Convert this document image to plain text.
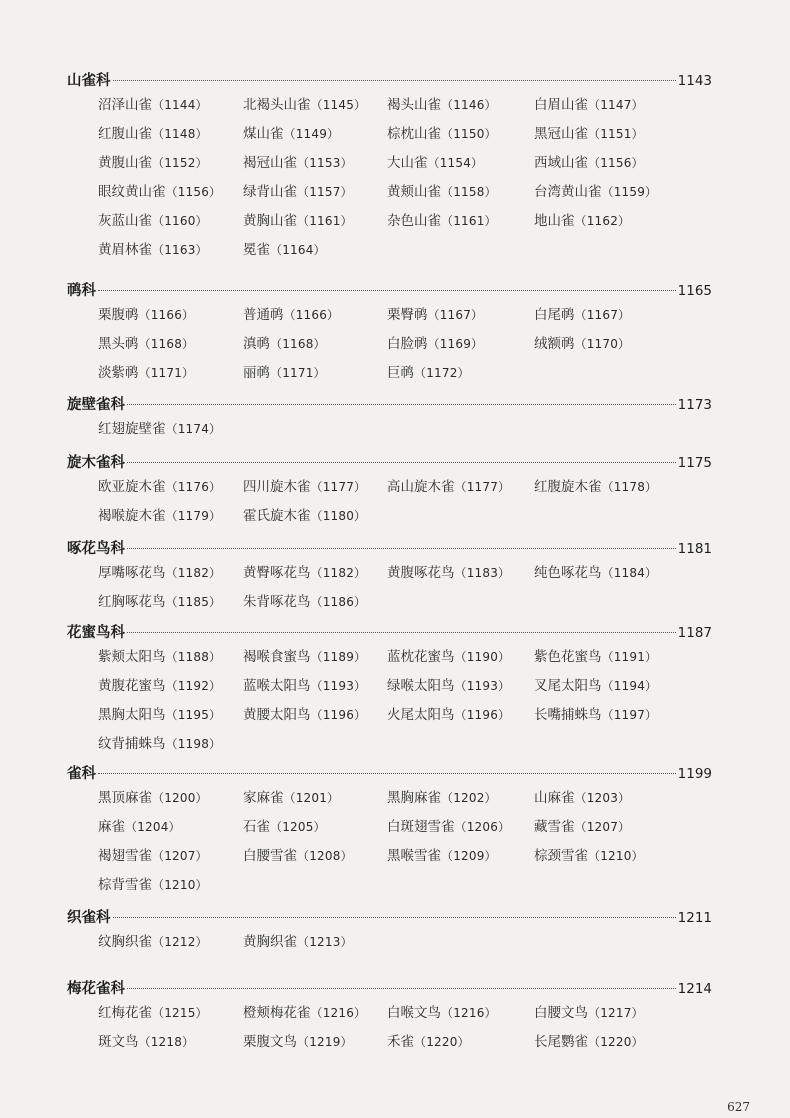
山雀科	1143
沼泽山雀（1144）	北褐头山雀（1145）	褐头山雀（1146）	白眉山雀（1147）
红腹山雀（1148）	煤山雀（1149）	棕枕山雀（1150）	黑冠山雀（1151）
黄腹山雀（1152）	褐冠山雀（1153）	大山雀（1154）	西域山雀（1156）
眼纹黄山雀（1156）	绿背山雀（1157）	黄颊山雀（1158）	台湾黄山雀（1159）
灰蓝山雀（1160）	黄胸山雀（1161）	杂色山雀（1161）	地山雀（1162）
黄眉林雀（1163）	冕雀（1164）
䴓科	1165
栗腹䴓（1166）	普通䴓（1166）	栗臀䴓（1167）	白尾䴓（1167）
黑头䴓（1168）	滇䴓（1168）	白脸䴓（1169）	绒额䴓（1170）
淡紫䴓（1171）	丽䴓（1171）	巨䴓（1172）
旋壁雀科	1173
红翅旋壁雀（1174）
旋木雀科	1175
欧亚旋木雀（1176）	四川旋木雀（1177）	高山旋木雀（1177）	红腹旋木雀（1178）
褐喉旋木雀（1179）	霍氏旋木雀（1180）
啄花鸟科	1181
厚嘴啄花鸟（1182）	黄臀啄花鸟（1182）	黄腹啄花鸟（1183）	纯色啄花鸟（1184）
红胸啄花鸟（1185）	朱背啄花鸟（1186）
花蜜鸟科	1187
紫颊太阳鸟（1188）	褐喉食蜜鸟（1189）	蓝枕花蜜鸟（1190）	紫色花蜜鸟（1191）
黄腹花蜜鸟（1192）	蓝喉太阳鸟（1193）	绿喉太阳鸟（1193）	叉尾太阳鸟（1194）
黑胸太阳鸟（1195）	黄腰太阳鸟（1196）	火尾太阳鸟（1196）	长嘴捕蛛鸟（1197）
纹背捕蛛鸟（1198）
雀科	1199
黑顶麻雀（1200）	家麻雀（1201）	黑胸麻雀（1202）	山麻雀（1203）
麻雀（1204）	石雀（1205）	白斑翅雪雀（1206）	藏雪雀（1207）
褐翅雪雀（1207）	白腰雪雀（1208）	黑喉雪雀（1209）	棕颈雪雀（1210）
棕背雪雀（1210）
织雀科	1211
纹胸织雀（1212）	黄胸织雀（1213）
梅花雀科	1214
红梅花雀（1215）	橙颊梅花雀（1216）	白喉文鸟（1216）	白腰文鸟（1217）
斑文鸟（1218）	栗腹文鸟（1219）	禾雀（1220）	长尾鹦雀（1220）
627
